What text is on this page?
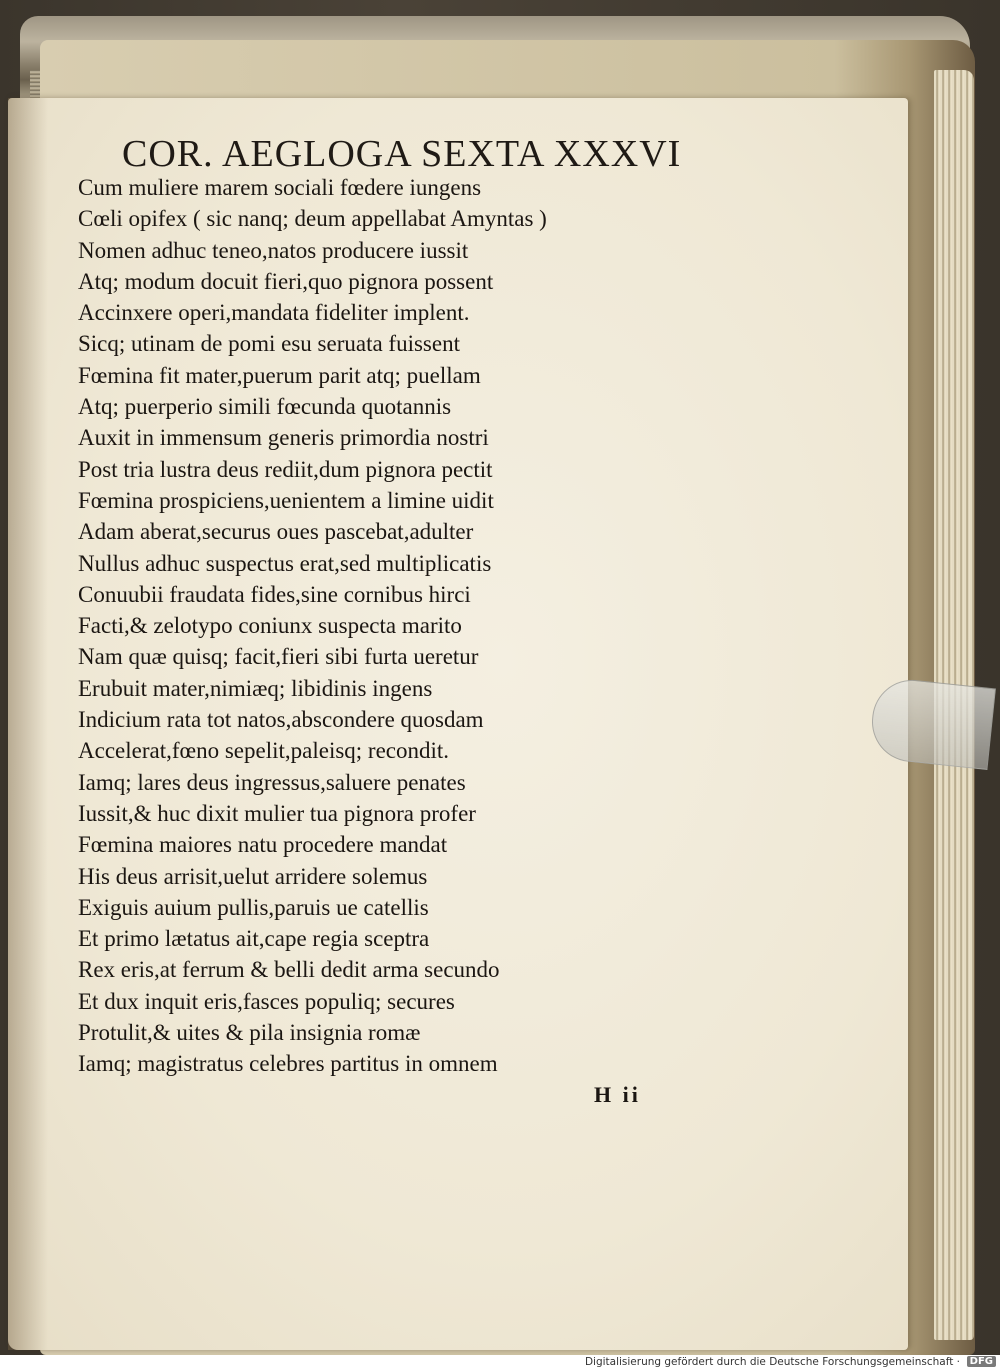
COR. AEGLOGA SEXTA XXXVI
Cum muliere marem sociali fœdere iungens
Cœli opifex ( sic nanq; deum appellabat Amyntas )
Nomen adhuc teneo,natos producere iussit
Atq; modum docuit fieri,quo pignora possent
Accinxere operi,mandata fideliter implent.
Sicq; utinam de pomi esu seruata fuissent
Fœmina fit mater,puerum parit atq; puellam
Atq; puerperio simili fœcunda quotannis
Auxit in immensum generis primordia nostri
Post tria lustra deus rediit,dum pignora pectit
Fœmina prospiciens,uenientem a limine uidit
Adam aberat,securus oues pascebat,adulter
Nullus adhuc suspectus erat,sed multiplicatis
Conuubii fraudata fides,sine cornibus hirci
Facti,& zelotypo coniunx suspecta marito
Nam quæ quisq; facit,fieri sibi furta ueretur
Erubuit mater,nimiæq; libidinis ingens
Indicium rata tot natos,abscondere quosdam
Accelerat,fœno sepelit,paleisq; recondit.
Iamq; lares deus ingressus,saluere penates
Iussit,& huc dixit mulier tua pignora profer
Fœmina maiores natu procedere mandat
His deus arrisit,uelut arridere solemus
Exiguis auium pullis,paruis ue catellis
Et primo lætatus ait,cape regia sceptra
Rex eris,at ferrum & belli dedit arma secundo
Et dux inquit eris,fasces populiq; secures
Protulit,& uites & pila insignia romæ
Iamq; magistratus celebres partitus in omnem
H ii
Digitalisierung gefördert durch die Deutsche Forschungsgemeinschaft · DFG
